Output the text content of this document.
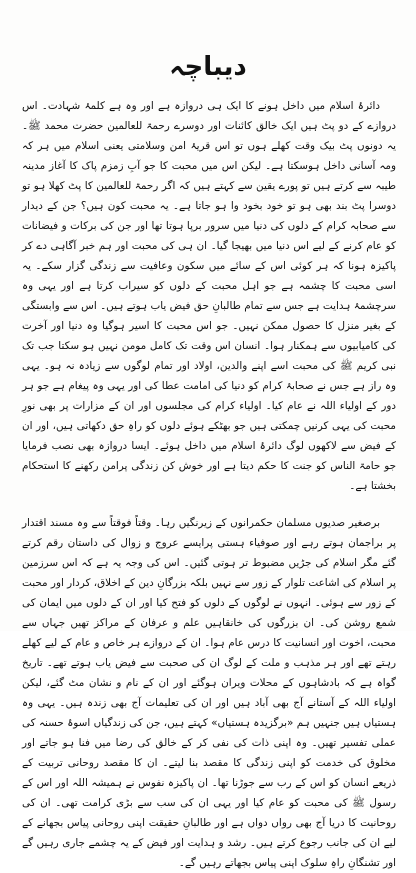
دیباچہ

دائرۂ اسلام میں داخل ہونے کا ایک ہی دروازہ ہے اور وہ ہے کلمۂ شہادت۔ اس دروازے کے دو پٹ ہیں ایک خالق کائنات اور دوسرے رحمۃ للعالمین حضرت محمد ﷺ۔ یہ دونوں پٹ بیک وقت کھلے ہوں تو اس قریۂ امن وسلامتی یعنی اسلام میں ہر کہ ومہ آسانی داخل ہوسکتا ہے۔ لیکن اس میں محبت کا جو آبِ زمزم پاک کا آغاز مدینہ طیبہ سے کرتے ہیں تو پورے یقین سے کہتے ہیں کہ اگر رحمۃ للعالمین کا پٹ کھلا ہو تو دوسرا پٹ بند بھی ہو تو خود بخود وا ہو جاتا ہے۔ یہ محبت کون ہیں؟ جن کے دیدار سے صحابہ کرام کے دلوں کی دنیا میں سرور برپا ہوتا تھا اور جن کی برکات و فیضانات کو عام کرنے کے لیے اس دنیا میں بھیجا گیا۔ ان ہی کی محبت اور ہم خبر آگاہی دے کر پاکیزہ ہونا کہ ہر کوئی اس کے سائے میں سکون وعافیت سے زندگی گزار سکے۔ یہ اسی محبت کا چشمہ ہے جو اہل محبت کے دلوں کو سیراب کرتا ہے اور یہی وہ سرچشمۂ ہدایت ہے جس سے تمام طالبانِ حق فیض یاب ہوتے ہیں۔ اس سے وابستگی کے بغیر منزل کا حصول ممکن نہیں۔ جو اس محبت کا اسیر ہوگیا وہ دنیا اور آخرت کی کامیابیوں سے ہمکنار ہوا۔ انسان اس وقت تک کامل مومن نہیں ہو سکتا جب تک نبی کریم ﷺ کی محبت اسے اپنے والدین، اولاد اور تمام لوگوں سے زیادہ نہ ہو۔ یہی وہ راز ہے جس نے صحابۂ کرام کو دنیا کی امامت عطا کی اور یہی وہ پیغام ہے جو ہر دور کے اولیاء اللہ نے عام کیا۔ اولیاء کرام کی مجلسوں اور ان کے مزارات پر بھی نورِ محبت کی یہی کرنیں چمکتی ہیں جو بھٹکے ہوئے دلوں کو راہِ حق دکھاتی ہیں، اور ان کے فیض سے لاکھوں لوگ دائرۂ اسلام میں داخل ہوئے۔ ایسا دروازہ بھی نصب فرمایا جو حامۃ الناس کو جنت کا حکم دیتا ہے اور خوش کن زندگی پرامن رکھنے کا استحکام بخشتا ہے۔

برصغیر صدیوں مسلمان حکمرانوں کے زیرنگیں رہا۔ وقتاً فوقتاً سے وہ مسند اقتدار پر براجمان ہوتے رہے اور صوفیاء ہستی پرایسے عروج و زوال کی داستان رقم کرتے گئے مگر اسلام کی جڑیں مضبوط تر ہوتی گئیں۔ اس کی وجہ یہ ہے کہ اس سرزمین پر اسلام کی اشاعت تلوار کے زور سے نہیں بلکہ بزرگانِ دین کے اخلاق، کردار اور محبت کے زور سے ہوئی۔ انہوں نے لوگوں کے دلوں کو فتح کیا اور ان کے دلوں میں ایمان کی شمع روشن کی۔ ان بزرگوں کی خانقاہیں علم و عرفان کے مراکز تھیں جہاں سے محبت، اخوت اور انسانیت کا درس عام ہوا۔ ان کے دروازے ہر خاص و عام کے لیے کھلے رہتے تھے اور ہر مذہب و ملت کے لوگ ان کی صحبت سے فیض یاب ہوتے تھے۔ تاریخ گواہ ہے کہ بادشاہوں کے محلات ویران ہوگئے اور ان کے نام و نشان مٹ گئے، لیکن اولیاء اللہ کے آستانے آج بھی آباد ہیں اور ان کی تعلیمات آج بھی زندہ ہیں۔ یہی وہ ہستیاں ہیں جنہیں ہم «برگزیدہ ہستیاں» کہتے ہیں، جن کی زندگیاں اسوۂ حسنہ کی عملی تفسیر تھیں۔ وہ اپنی ذات کی نفی کر کے خالق کی رضا میں فنا ہو جاتے اور مخلوق کی خدمت کو اپنی زندگی کا مقصد بنا لیتے۔ ان کا مقصد روحانی تربیت کے ذریعے انسان کو اس کے رب سے جوڑنا تھا۔ ان پاکیزہ نفوس نے ہمیشہ اللہ اور اس کے رسول ﷺ کی محبت کو عام کیا اور یہی ان کی سب سے بڑی کرامت تھی۔ ان کی روحانیت کا دریا آج بھی رواں دواں ہے اور طالبانِ حقیقت اپنی روحانی پیاس بجھانے کے لیے ان کی جانب رجوع کرتے ہیں۔ رشد و ہدایت اور فیض کے یہ چشمے جاری رہیں گے اور تشنگانِ راہِ سلوک اپنی پیاس بجھاتے رہیں گے۔
